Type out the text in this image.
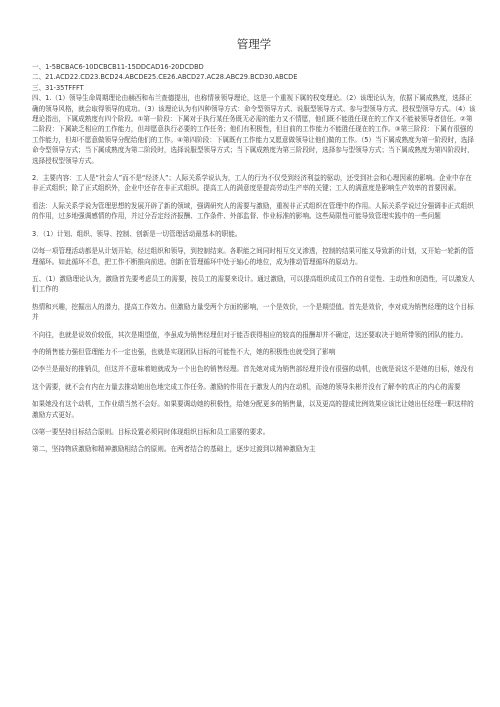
管理学

一、1-5BCBAC6-10DCBCB11-15DDCAD16-20DCDBD

二、21.ACD22.CD23.BCD24.ABCDE25.CE26.ABCD27.AC28.ABC29.BCD30.ABCDE

三、31-35TFFFT

四、1.（1）领导生命周期理论由赫西和布兰查德提出，也称情景领导理论，这是一个重视下属的权变理论。（2）该理论认为，依据下属成熟度，选择正确的领导风格，就会取得领导的成功。（3）该理论认为有四种领导方式：命令型领导方式、说服型领导方式、参与型领导方式、授权型领导方式。（4）该理论指出，下属成熟度有四个阶段。①第一阶段：下属对于执行某任务既无必需的能力又不情愿，他们既不能胜任现在的工作又不能被领导者信任。②第二阶段：下属缺乏相应的工作能力，但却愿意执行必要的工作任务；他们有积极性，但目前的工作能力不能胜任现在的工作。③第三阶段：下属有很强的工作能力，但却不愿意做领导分配给他们的工作。④第四阶段：下属既有工作能力又愿意做领导让他们做的工作。（5）当下属成熟度为第一阶段时，选择命令型领导方式；当下属成熟度为第二阶段时，选择说服型领导方式；当下属成熟度为第三阶段时，选择参与型领导方式；当下属成熟度为第四阶段时，选择授权型领导方式。

2．主要内容：工人是“社会人”而不是“经济人”；人际关系学说认为，工人的行为不仅受到经济利益的驱动，还受到社会和心理因素的影响。企业中存在非正式组织；除了正式组织外，企业中还存在非正式组织。提高工人的满意度是提高劳动生产率的关键；工人的满意度是影响生产效率的首要因素。

看法：人际关系学说为管理思想的发展开辟了新的领域，强调研究人的需要与激励，重视非正式组织在管理中的作用。人际关系学说过分强调非正式组织的作用，过多地强调感情的作用，并过分否定经济报酬、工作条件、外部监督、作业标准的影响。这些局限性可能导致管理实践中的一些问题

3．（1）计划、组织、领导、控制、创新是一切管理活动最基本的职能。

⑵每一项管理活动都是从计划开始，经过组织和领导，到控制结束。各职能之间同时相互交叉渗透，控制的结果可能又导致新的计划，又开始一轮新的管理循环。如此循环不息，把工作不断推向前进。创新在管理循环中处于轴心的地位，成为推动管理循环的原动力。

五、（1）激励理论认为，激励首先要考虑员工的需要，按员工的需要来设计。通过激励，可以提高组织成员工作的自觉性、主动性和创造性，可以激发人们工作的

热情和兴趣，挖掘出人的潜力，提高工作效力。但激励力量受两个方面的影响，一个是效价，一个是期望值。首先是效价，李对成为销售经理的这个目标并

不向往，也就是说效价较低，其次是期望值，李虽成为销售经理但对于能否获得相应的较高的报酬却并不确定，这还要取决于她所带领的团队的能力。

李的销售能力强但管理能力不一定也强，也就是实现团队目标的可能性不大，她的积极性也就受到了影响

⑵李兰是最好的推销员，但这并不意味着她就成为一个出色的销售经理。首先她对成为销售部经理并没有很强的动机，也就是说这不是她的目标，她没有

这个需要，就不会有内在力量去推动她出色地完成工作任务。激励的作用在于激发人的内在动机，而她的领导朱彬并没有了解李的真正的内心的需要

如果她没有这个动机，工作业绩当然不会好。如果要调动她的积极性，给她分配更多的销售量，以及更高的提成比例效果应该比让她出任经理一职这样的激励方式更好。

⑶第一要坚持目标结合原则。目标设置必须同时体现组织目标和员工需要的要求。

第二，坚持物质激励和精神激励相结合的原则。在两者结合的基础上，逐步过渡到以精神激励为主
